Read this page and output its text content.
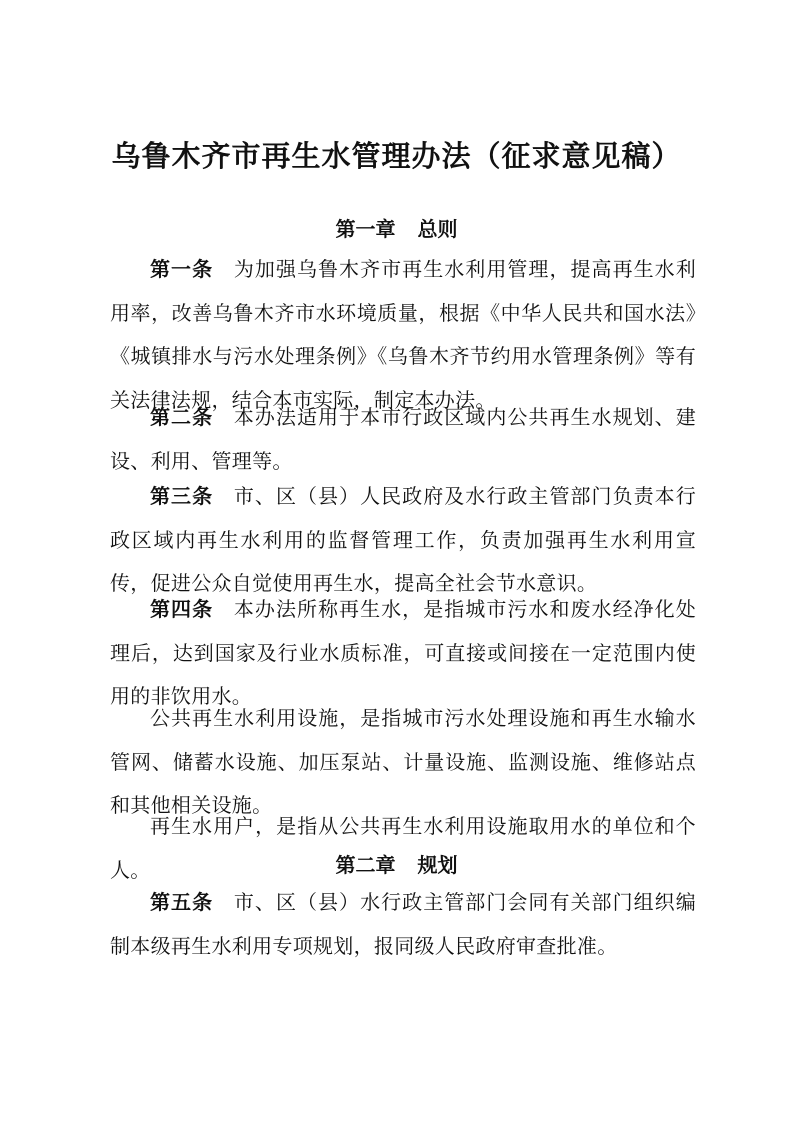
乌鲁木齐市再生水管理办法（征求意见稿）
第一章 总则

第一条 为加强乌鲁木齐市再生水利用管理，提高再生水利用率，改善乌鲁木齐市水环境质量，根据《中华人民共和国水法》《城镇排水与污水处理条例》《乌鲁木齐节约用水管理条例》等有关法律法规，结合本市实际，制定本办法。

第二条 本办法适用于本市行政区域内公共再生水规划、建设、利用、管理等。

第三条 市、区（县）人民政府及水行政主管部门负责本行政区域内再生水利用的监督管理工作，负责加强再生水利用宣传，促进公众自觉使用再生水，提高全社会节水意识。

第四条 本办法所称再生水，是指城市污水和废水经净化处理后，达到国家及行业水质标准，可直接或间接在一定范围内使用的非饮用水。

公共再生水利用设施，是指城市污水处理设施和再生水输水管网、储蓄水设施、加压泵站、计量设施、监测设施、维修站点和其他相关设施。

再生水用户，是指从公共再生水利用设施取用水的单位和个人。	第二章 规划

第五条 市、区（县）水行政主管部门会同有关部门组织编制本级再生水利用专项规划，报同级人民政府审查批准。
